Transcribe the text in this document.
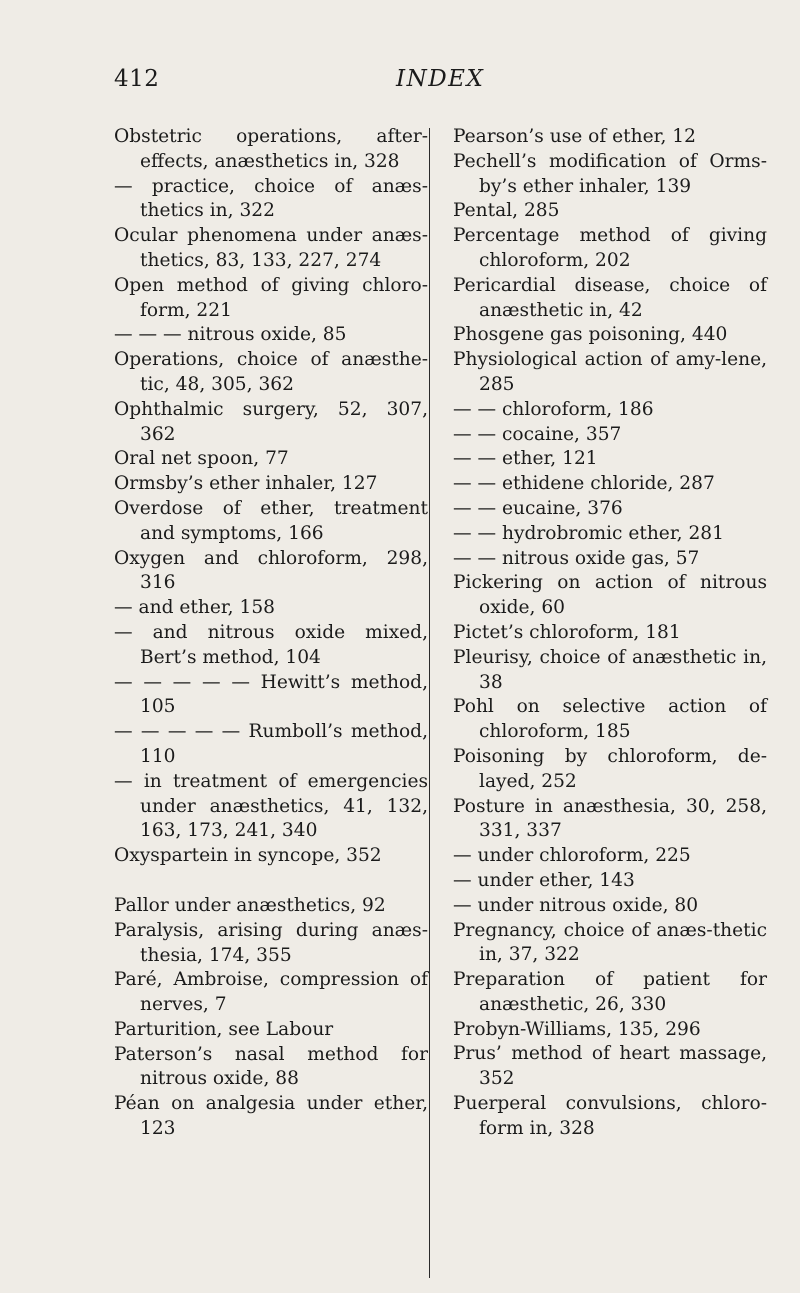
412	INDEX

Obstetric operations, after-effects, anæsthetics in, 328

— practice, choice of anæs-thetics in, 322

Ocular phenomena under anæs-thetics, 83, 133, 227, 274

Open method of giving chloro-form, 221

— — — nitrous oxide, 85

Operations, choice of anæsthe-tic, 48, 305, 362

Ophthalmic surgery, 52, 307, 362

Oral net spoon, 77

Ormsby’s ether inhaler, 127

Overdose of ether, treatment and symptoms, 166

Oxygen and chloroform, 298, 316

— and ether, 158

— and nitrous oxide mixed, Bert’s method, 104

— — — — — Hewitt’s method, 105

— — — — — Rumboll’s method, 110

— in treatment of emergencies under anæsthetics, 41, 132, 163, 173, 241, 340

Oxyspartein in syncope, 352

Pallor under anæsthetics, 92

Paralysis, arising during anæs-thesia, 174, 355

Paré, Ambroise, compression of nerves, 7

Parturition, see Labour

Paterson’s nasal method for nitrous oxide, 88

Péan on analgesia under ether, 123

Pearson’s use of ether, 12

Pechell’s modification of Orms-by’s ether inhaler, 139

Pental, 285

Percentage method of giving chloroform, 202

Pericardial disease, choice of anæsthetic in, 42

Phosgene gas poisoning, 440

Physiological action of amy-lene, 285

— — chloroform, 186

— — cocaine, 357

— — ether, 121

— — ethidene chloride, 287

— — eucaine, 376

— — hydrobromic ether, 281

— — nitrous oxide gas, 57

Pickering on action of nitrous oxide, 60

Pictet’s chloroform, 181

Pleurisy, choice of anæsthetic in, 38

Pohl on selective action of chloroform, 185

Poisoning by chloroform, de-layed, 252

Posture in anæsthesia, 30, 258, 331, 337

— under chloroform, 225

— under ether, 143

— under nitrous oxide, 80

Pregnancy, choice of anæs-thetic in, 37, 322

Preparation of patient for anæsthetic, 26, 330

Probyn-Williams, 135, 296

Prus’ method of heart massage, 352

Puerperal convulsions, chloro-form in, 328
